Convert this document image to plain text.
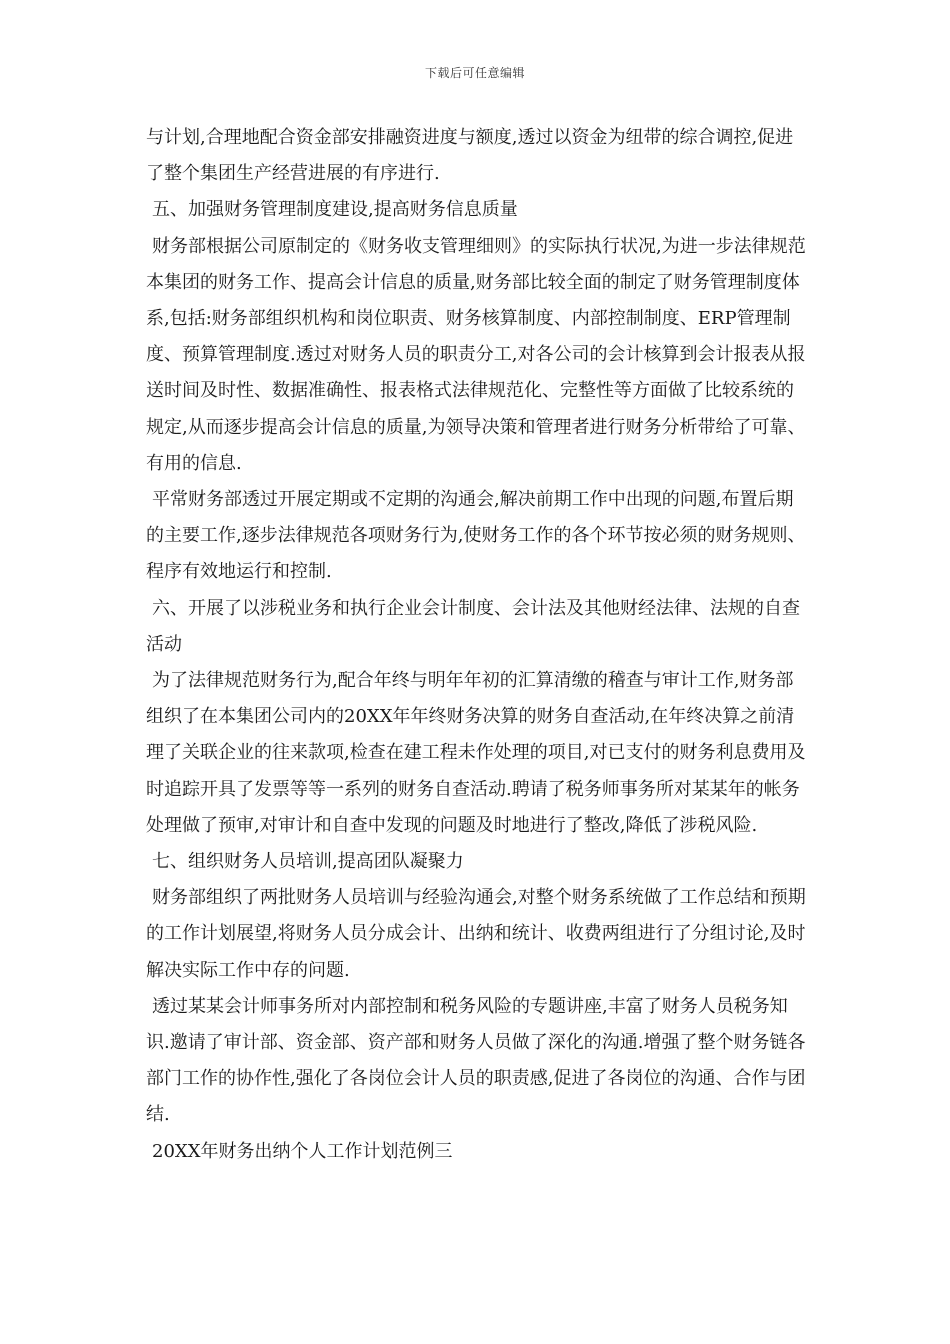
下载后可任意编辑

与计划,合理地配合资金部安排融资进度与额度,透过以资金为纽带的综合调控,促进了整个集团生产经营进展的有序进行.

五、加强财务管理制度建设,提高财务信息质量

财务部根据公司原制定的《财务收支管理细则》的实际执行状况,为进一步法律规范本集团的财务工作、提高会计信息的质量,财务部比较全面的制定了财务管理制度体系,包括:财务部组织机构和岗位职责、财务核算制度、内部控制制度、ERP管理制度、预算管理制度.透过对财务人员的职责分工,对各公司的会计核算到会计报表从报送时间及时性、数据准确性、报表格式法律规范化、完整性等方面做了比较系统的规定,从而逐步提高会计信息的质量,为领导决策和管理者进行财务分析带给了可靠、有用的信息.

平常财务部透过开展定期或不定期的沟通会,解决前期工作中出现的问题,布置后期的主要工作,逐步法律规范各项财务行为,使财务工作的各个环节按必须的财务规则、程序有效地运行和控制.

六、开展了以涉税业务和执行企业会计制度、会计法及其他财经法律、法规的自查活动

为了法律规范财务行为,配合年终与明年年初的汇算清缴的稽查与审计工作,财务部组织了在本集团公司内的20XX年年终财务决算的财务自查活动,在年终决算之前清理了关联企业的往来款项,检查在建工程未作处理的项目,对已支付的财务利息费用及时追踪开具了发票等等一系列的财务自查活动.聘请了税务师事务所对某某年的帐务处理做了预审,对审计和自查中发现的问题及时地进行了整改,降低了涉税风险.

七、组织财务人员培训,提高团队凝聚力

财务部组织了两批财务人员培训与经验沟通会,对整个财务系统做了工作总结和预期的工作计划展望,将财务人员分成会计、出纳和统计、收费两组进行了分组讨论,及时解决实际工作中存的问题.

透过某某会计师事务所对内部控制和税务风险的专题讲座,丰富了财务人员税务知识.邀请了审计部、资金部、资产部和财务人员做了深化的沟通.增强了整个财务链各部门工作的协作性,强化了各岗位会计人员的职责感,促进了各岗位的沟通、合作与团结.

20XX年财务出纳个人工作计划范例三
